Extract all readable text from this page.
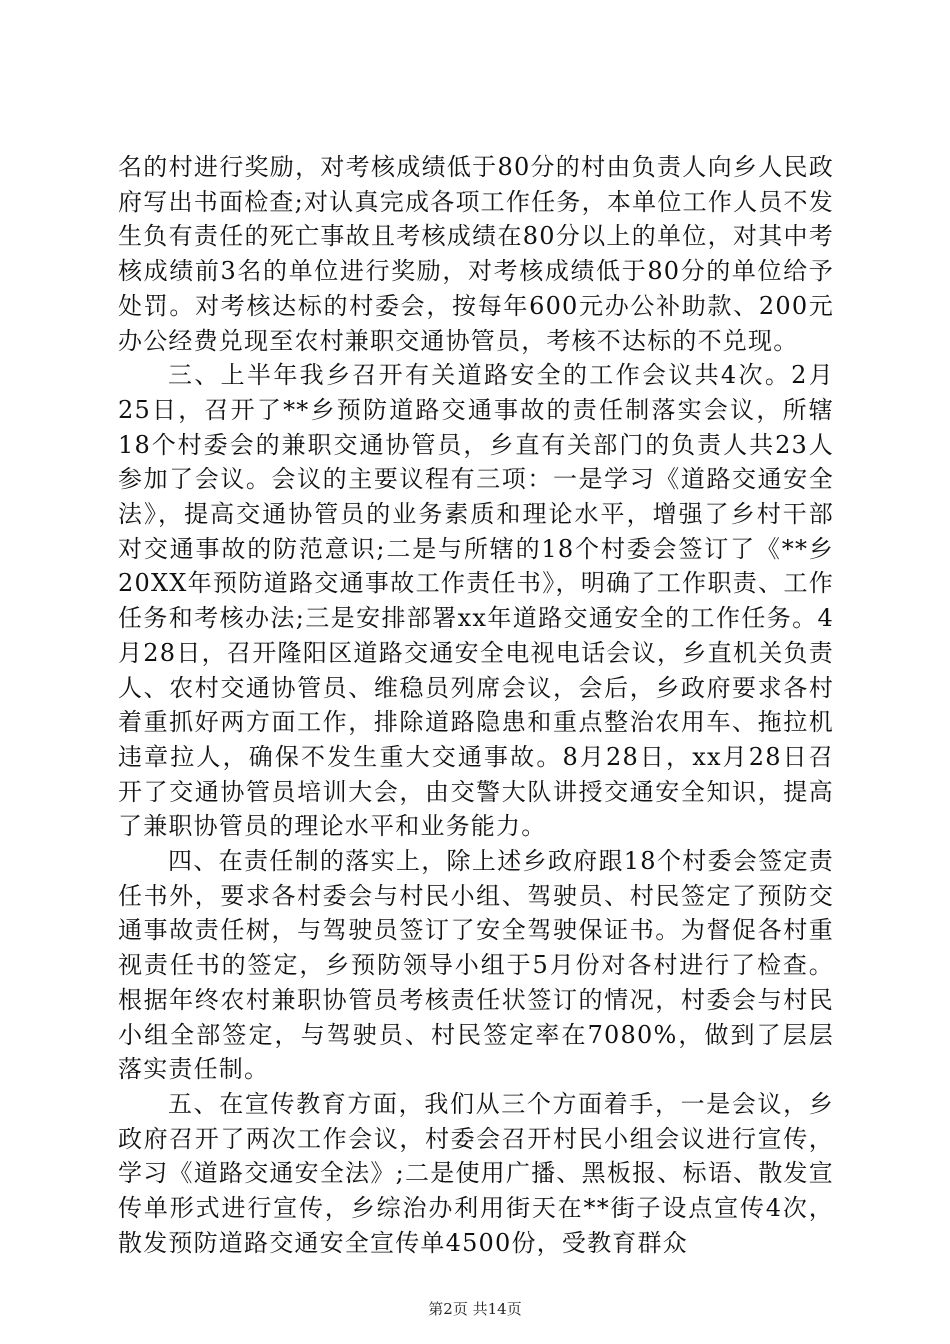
名的村进行奖励，对考核成绩低于80分的村由负责人向乡人民政府写出书面检查;对认真完成各项工作任务，本单位工作人员不发生负有责任的死亡事故且考核成绩在80分以上的单位，对其中考核成绩前3名的单位进行奖励，对考核成绩低于80分的单位给予处罚。对考核达标的村委会，按每年600元办公补助款、200元办公经费兑现至农村兼职交通协管员，考核不达标的不兑现。

三、上半年我乡召开有关道路安全的工作会议共4次。2月25日，召开了**乡预防道路交通事故的责任制落实会议，所辖18个村委会的兼职交通协管员，乡直有关部门的负责人共23人参加了会议。会议的主要议程有三项：一是学习《道路交通安全法》，提高交通协管员的业务素质和理论水平，增强了乡村干部对交通事故的防范意识;二是与所辖的18个村委会签订了《**乡20XX年预防道路交通事故工作责任书》，明确了工作职责、工作任务和考核办法;三是安排部署xx年道路交通安全的工作任务。4月28日，召开隆阳区道路交通安全电视电话会议，乡直机关负责人、农村交通协管员、维稳员列席会议，会后，乡政府要求各村着重抓好两方面工作，排除道路隐患和重点整治农用车、拖拉机违章拉人，确保不发生重大交通事故。8月28日，xx月28日召开了交通协管员培训大会，由交警大队讲授交通安全知识，提高了兼职协管员的理论水平和业务能力。

四、在责任制的落实上，除上述乡政府跟18个村委会签定责任书外，要求各村委会与村民小组、驾驶员、村民签定了预防交通事故责任树，与驾驶员签订了安全驾驶保证书。为督促各村重视责任书的签定，乡预防领导小组于5月份对各村进行了检查。根据年终农村兼职协管员考核责任状签订的情况，村委会与村民小组全部签定，与驾驶员、村民签定率在7080%，做到了层层落实责任制。

五、在宣传教育方面，我们从三个方面着手，一是会议，乡政府召开了两次工作会议，村委会召开村民小组会议进行宣传，学习《道路交通安全法》;二是使用广播、黑板报、标语、散发宣传单形式进行宣传，乡综治办利用街天在**街子设点宣传4次，散发预防道路交通安全宣传单4500份，受教育群众

第2页 共14页
